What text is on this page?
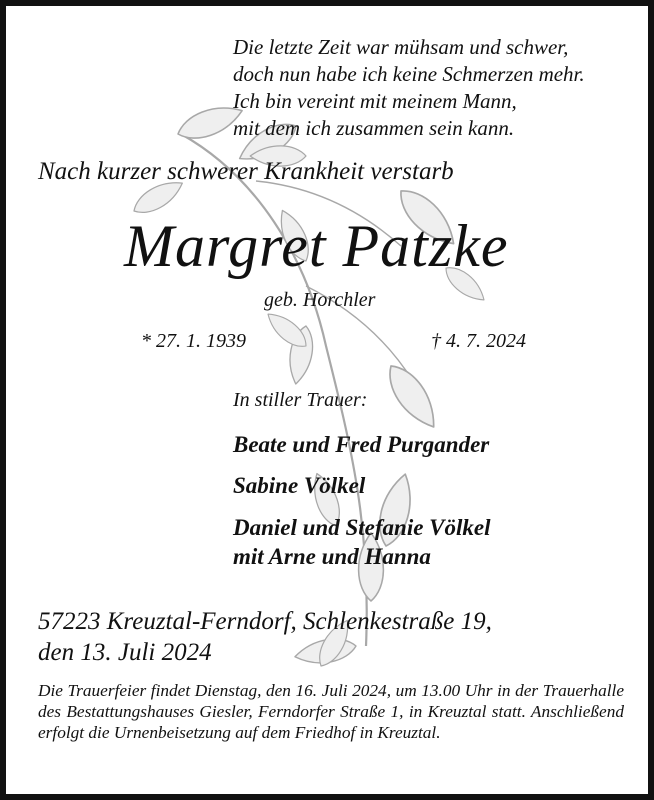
Die letzte Zeit war mühsam und schwer,
doch nun habe ich keine Schmerzen mehr.
Ich bin vereint mit meinem Mann,
mit dem ich zusammen sein kann.
Nach kurzer schwerer Krankheit verstarb
Margret Patzke
geb. Horchler
* 27. 1. 1939	† 4. 7. 2024
In stiller Trauer:
Beate und Fred Purgander
Sabine Völkel
Daniel und Stefanie Völkel
mit Arne und Hanna
57223 Kreuztal-Ferndorf, Schlenkestraße 19,
den 13. Juli 2024
Die Trauerfeier findet Dienstag, den 16. Juli 2024, um 13.00 Uhr in der Trauerhalle des Bestattungshauses Giesler, Ferndorfer Straße 1, in Kreuztal statt. Anschließend erfolgt die Urnenbeisetzung auf dem Friedhof in Kreuztal.
